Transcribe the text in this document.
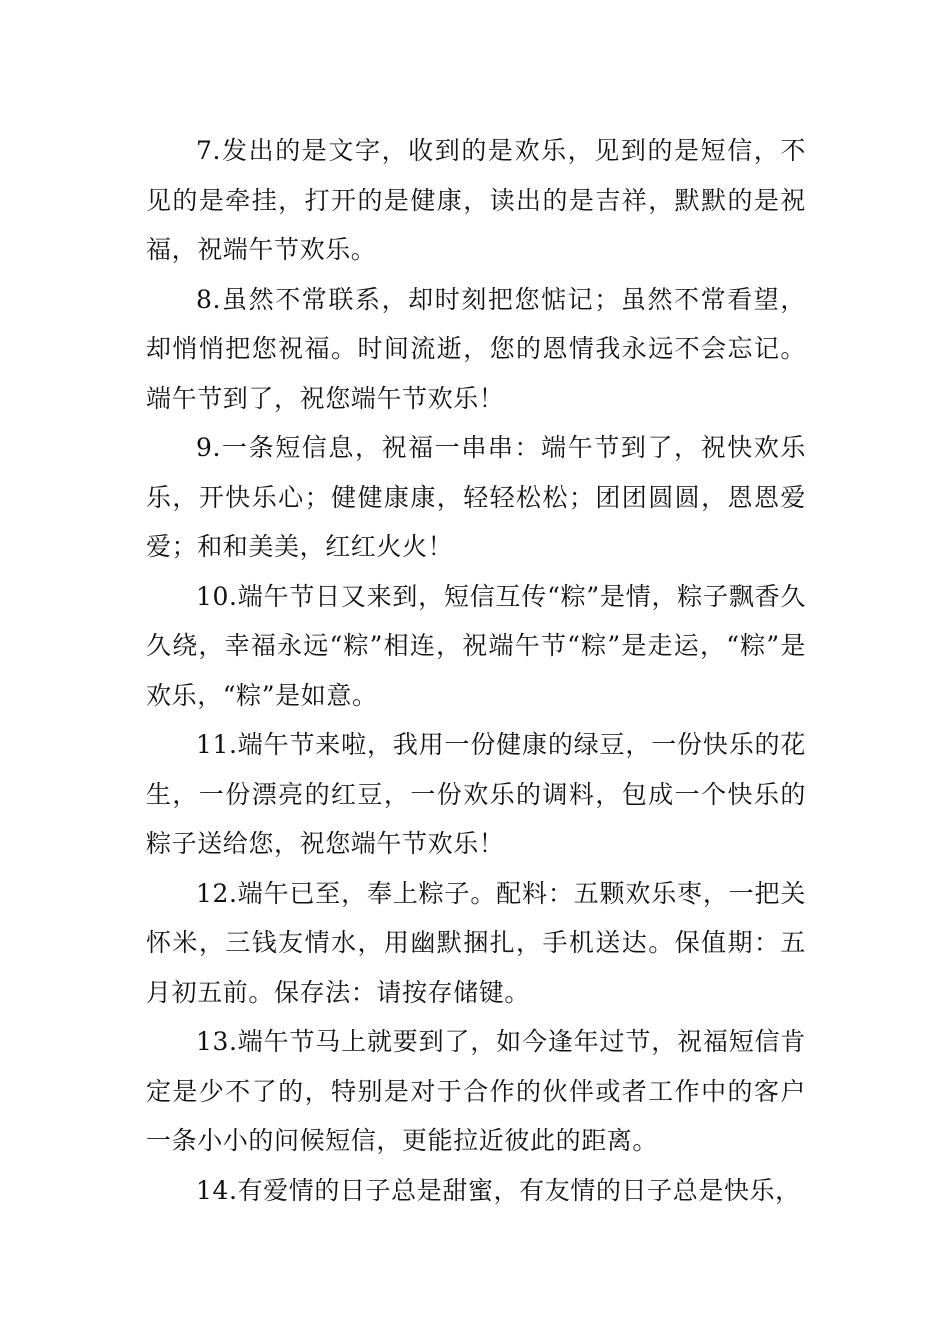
7.发出的是文字，收到的是欢乐，见到的是短信，不见的是牵挂，打开的是健康，读出的是吉祥，默默的是祝福，祝端午节欢乐。

8.虽然不常联系，却时刻把您惦记；虽然不常看望，却悄悄把您祝福。时间流逝，您的恩情我永远不会忘记。端午节到了，祝您端午节欢乐！

9.一条短信息，祝福一串串：端午节到了，祝快欢乐乐，开快乐心；健健康康，轻轻松松；团团圆圆，恩恩爱爱；和和美美，红红火火！

10.端午节日又来到，短信互传“粽”是情，粽子飘香久久绕，幸福永远“粽”相连，祝端午节“粽”是走运，“粽”是欢乐，“粽”是如意。

11.端午节来啦，我用一份健康的绿豆，一份快乐的花生，一份漂亮的红豆，一份欢乐的调料，包成一个快乐的粽子送给您，祝您端午节欢乐！

12.端午已至，奉上粽子。配料：五颗欢乐枣，一把关怀米，三钱友情水，用幽默捆扎，手机送达。保值期：五月初五前。保存法：请按存储键。

13.端午节马上就要到了，如今逢年过节，祝福短信肯定是少不了的，特别是对于合作的伙伴或者工作中的客户一条小小的问候短信，更能拉近彼此的距离。

14.有爱情的日子总是甜蜜，有友情的日子总是快乐，
